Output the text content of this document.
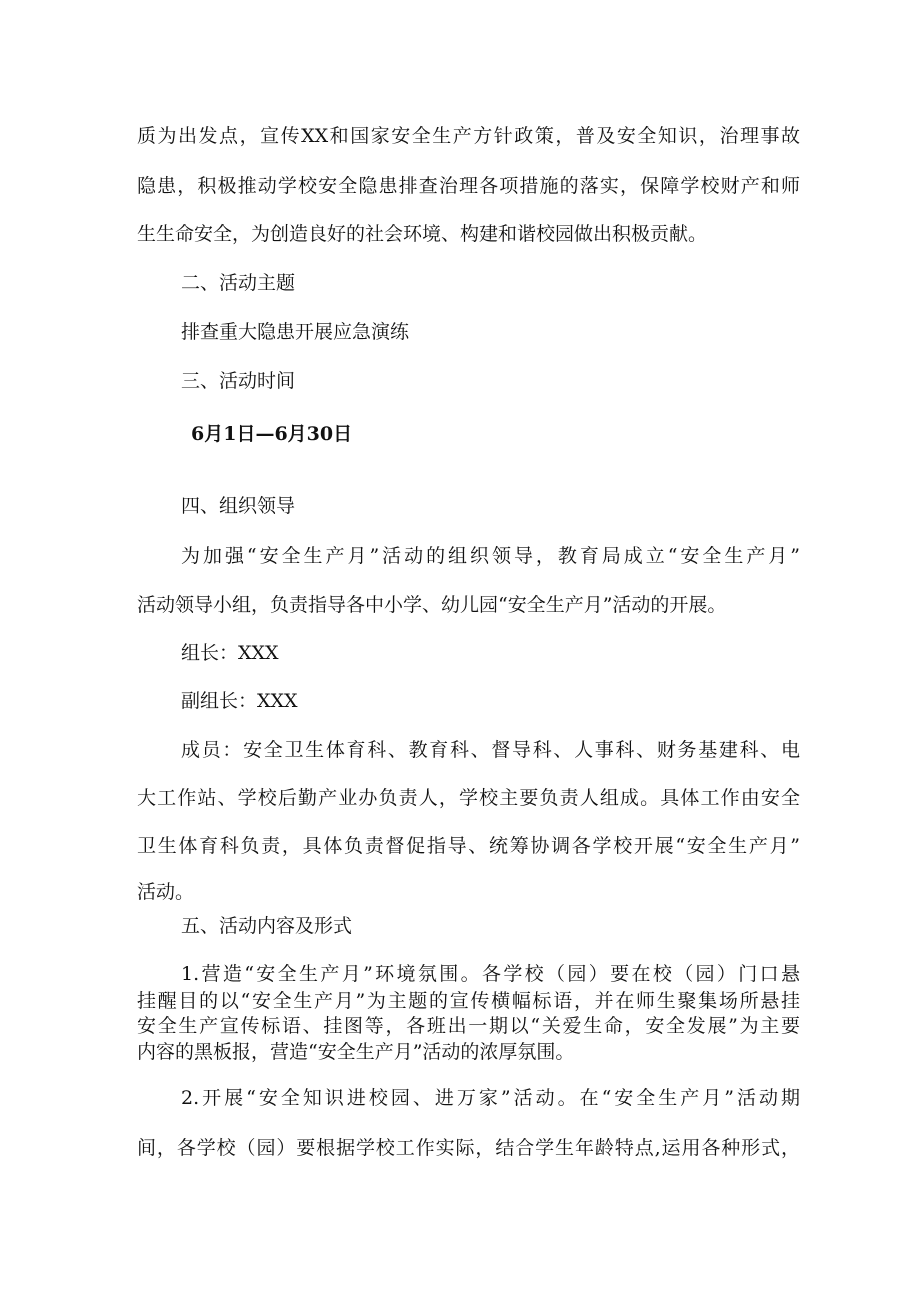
质为出发点，宣传XX和国家安全生产方针政策，普及安全知识，治理事故
隐患，积极推动学校安全隐患排查治理各项措施的落实，保障学校财产和师
生生命安全，为创造良好的社会环境、构建和谐校园做出积极贡献。
二、活动主题
排查重大隐患开展应急演练
三、活动时间
6月1日—6月30日
四、组织领导
为加强“安全生产月”活动的组织领导，教育局成立“安全生产月”
活动领导小组，负责指导各中小学、幼儿园“安全生产月”活动的开展。
组长：XXX
副组长：XXX
成员：安全卫生体育科、教育科、督导科、人事科、财务基建科、电
大工作站、学校后勤产业办负责人，学校主要负责人组成。具体工作由安全
卫生体育科负责，具体负责督促指导、统筹协调各学校开展“安全生产月”
活动。
五、活动内容及形式
1.营造“安全生产月”环境氛围。各学校（园）要在校（园）门口悬
挂醒目的以“安全生产月”为主题的宣传横幅标语，并在师生聚集场所悬挂
安全生产宣传标语、挂图等，各班出一期以“关爱生命，安全发展”为主要
内容的黑板报，营造“安全生产月”活动的浓厚氛围。
2.开展“安全知识进校园、进万家”活动。在“安全生产月”活动期
间，各学校（园）要根据学校工作实际，结合学生年龄特点,运用各种形式，
